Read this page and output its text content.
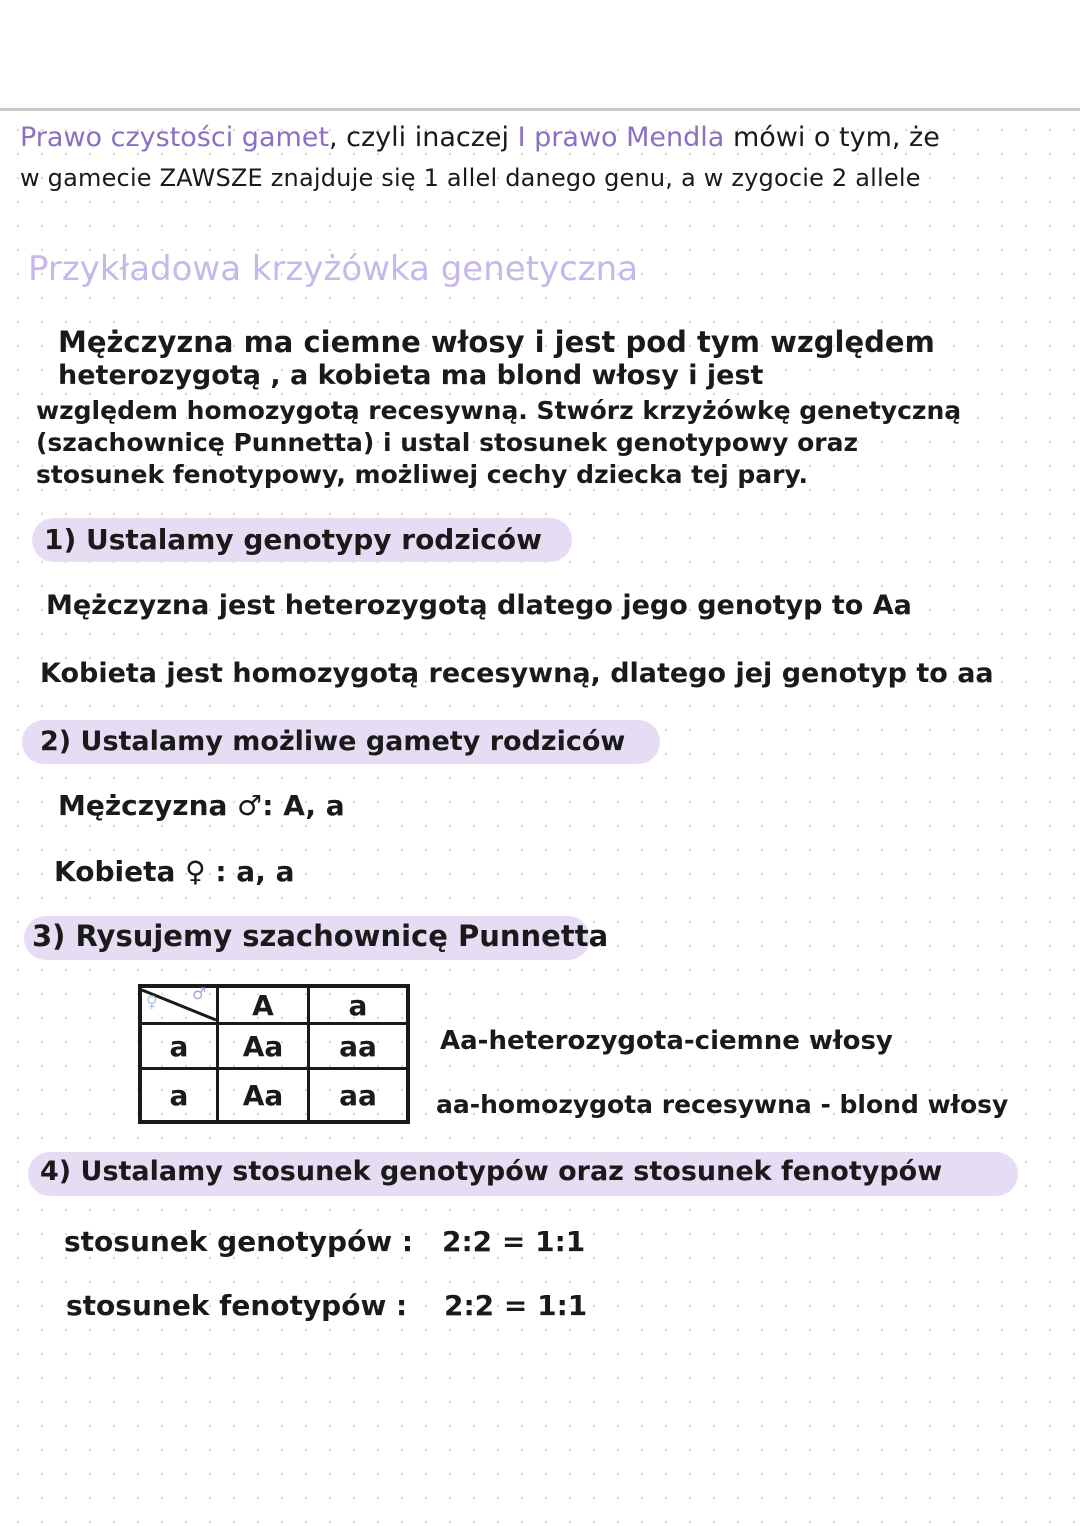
Prawo czystości gamet, czyli inaczej I prawo Mendla mówi o tym, że
w gamecie ZAWSZE znajduje się 1 allel danego genu, a w zygocie 2 allele
Przykładowa krzyżówka genetyczna
Mężczyzna ma ciemne włosy i jest pod tym względem
heterozygotą , a kobieta ma blond włosy i jest
względem homozygotą recesywną. Stwórz krzyżówkę genetyczną
(szachownicę Punnetta) i ustal stosunek genotypowy oraz
stosunek fenotypowy, możliwej cechy dziecka tej pary.
1) Ustalamy genotypy rodziców
Mężczyzna jest heterozygotą dlatego jego genotyp to Aa
Kobieta jest homozygotą recesywną, dlatego jej genotyp to aa
2) Ustalamy możliwe gamety rodziców
Mężczyzna ♂: A, a
Kobieta ♀ : a, a
3) Rysujemy szachownicę Punnetta
♀ ♂	A	a
a	Aa	aa
a	Aa	aa
Aa-heterozygota-ciemne włosy
aa-homozygota recesywna - blond włosy
4) Ustalamy stosunek genotypów oraz stosunek fenotypów
stosunek genotypów : 2:2 = 1:1
stosunek fenotypów : 2:2 = 1:1
